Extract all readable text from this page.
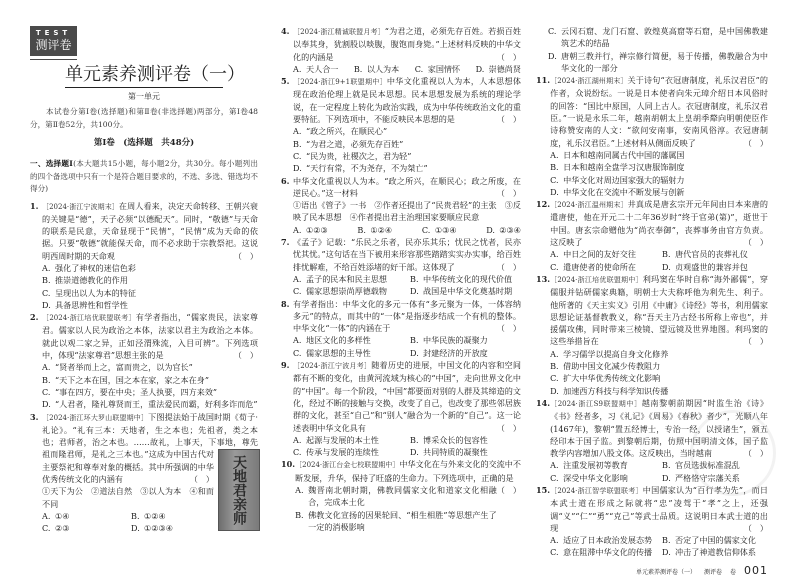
TEST
测评卷
单元素养测评卷（一）
第一单元
本试卷分第Ⅰ卷(选择题)和第Ⅱ卷(非选择题)两部分，第Ⅰ卷48分，第Ⅱ卷52分，共100分。
第Ⅰ卷　(选择题　共48分)
一、选择题Ⅰ(本大题共15小题，每小题2分，共30分。每小题列出的四个备选项中只有一个是符合题目要求的，不选、多选、错选均不得分)
1. ［2024·浙江宁波期末］在周人看来，决定天命转移、王朝兴衰的关键是“德”，天子必须“以德配天”。同时，“敬德”与天命的联系是民意，天命显现于“民情”，“民情”成为天命的依据。只要“敬德”就能保天命，而不必求助于宗教祭祀。这说明西周时期的天命观	（　）
A. 强化了神权的迷信色彩
B. 推崇道德教化的作用
C. 呈现出以人为本的特征
D. 具备思辨性和哲学性
2. ［2024·浙江培优联盟联考］有学者指出，“儒家贵民，法家尊君。儒家以人民为政治之本体，法家以君主为政治之本体。就此以观二家之异，正如泾渭殊流，入目可辨”。下列选项中，体现“法家尊君”思想主张的是	（　）
A. “贤者举而上之，富而贵之，以为官长”
B. “天下之本在国，国之本在家，家之本在身”
C. “事在四方，要在中央；圣人执要，四方来效”
D. “人君者，隆礼尊贤而王，重法爱民而霸，好利多诈而危”
3. ［2024·浙江环大罗山联盟期中］下图提法始于战国时期《荀子·礼论》。“礼有三本：天地者，生之本也；先祖者，类之本也；君师者，治之本也。……故礼，上事天，下事地，尊先祖而隆君
天地君亲师
师，是礼之三本也。”这成为中国古代对主要祭祀和尊奉对象的概括。其中所强调的中华优秀传统文化的内涵有	（　）
①天下为公　②道法自然　③以人为本　④和而不同
A. ①④	B. ①②④
C. ②③	D. ①②③④
4. ［2024·浙江精诚联盟月考］“为君之道，必须先存百姓。若损百姓以奉其身，犹割股以啖腹，腹饱而身毙。”上述材料反映的中华文化的内涵是	（　）
A. 天人合一 B. 以人为本 C. 家国情怀 D. 崇德尚贤
5. ［2024·浙江9+1联盟期中］中华文化重视以人为本，人本思想体现在政治伦理上就是民本思想。民本思想发展为系统的理论学说，在一定程度上转化为政治实践，成为中华传统政治文化的重要特征。下列选项中，不能反映民本思想的是	（　）
A. “政之所兴，在顺民心”
B. “为君之道，必须先存百姓”
C. “民为贵，社稷次之，君为轻”
D. “天行有常，不为尧存，不为桀亡”
6. 中华文化重视以人为本。“政之所兴，在顺民心；政之所废，在逆民心。”这一材料	（　）
①语出《管子》一书　②作者还提出了“民贵君轻”的主张　③反映了民本思想　④作者提出君主治理国家要顺应民意
A. ①②③	B. ①②④	C. ①③④	D. ②③④
7. 《孟子》记载：“乐民之乐者，民亦乐其乐；忧民之忧者，民亦忧其忧。”这句话在当下被用来形容那些踏踏实实办实事，给百姓排忧解难，不给百姓添堵的好干部。这体现了	（　）
A. 孟子的民本和民主思想	B. 中华传统文化的现代价值
C. 儒家思想崇尚厚德载物	D. 战国是中华文化奠基时期
8. 有学者指出：中华文化的多元一体有“多元聚为一体，一体容纳多元”的特点，而其中的“一体”是指逐步结成一个有机的整体。中华文化“一体”的内涵在于	（　）
A. 地区文化的多样性	B. 中华民族的凝聚力
C. 儒家思想的主导性	D. 封建经济的开放度
9. ［2024·浙江宁波月考］随着历史的进展，中国文化的内容和空间都有不断的变化，由黄河流域为核心的“中国”，走向世界文化中的“中国”。每一个阶段，“中国”都要面对别的人群及其缔造的文化，经过不断的接触与交换，改变了自己，也改变了那些邻居族群的文化，甚至“自己”和“别人”融合为一个新的“自己”。这一论述表明中华文化具有	（　）
A. 起源与发展的本土性	B. 博采众长的包容性
C. 传承与发展的连续性	D. 共同特质的凝聚性
10. ［2024·浙江台金七校联盟期中］中华文化在与外来文化的交流中不断发展，升华，保持了旺盛的生命力。下列选项中，正确的是
（　）
A. 魏晋南北朝时期，佛教同儒家文化和道家文化相融合，完成本土化
B. 佛教文化宣扬的因果轮回、“相生相胜”等思想产生了一定的消极影响
C. 云冈石窟、龙门石窟、敦煌莫高窟等石窟，是中国佛教建筑艺术的结晶
D. 唐朝三教并行，禅宗修行简便，易于传播，佛教融合为中华文化的一部分
11. ［2024·浙江湖州期末］关于诗句“衣冠唐制度，礼乐汉君臣”的作者，众说纷纭。一说是日本使者向朱元璋介绍日本风俗时的回答：“国比中原国，人同上古人。衣冠唐制度，礼乐汉君臣。”一说是永乐二年，越南胡朝太上皇胡季犛向明朝使臣作诗称赞安南的人文：“欲问安南事，安南风俗淳。衣冠唐制度，礼乐汉君臣。”上述材料从侧面反映了	（　）
A. 日本和越南同属古代中国的藩属国
B. 日本和越南全盘学习汉唐服饰制度
C. 中华文化对周边国家强大的辐射力
D. 中华文化在交流中不断发展与创新
12. ［2024·浙江温州期末］井真成是唐玄宗开元年间由日本来唐的遣唐使，他在开元二十二年36岁时“终于官弟(第)”，逝世于中国。唐玄宗命赠他为“尚衣奉御”，丧葬事务由官方负责。这反映了	（　）
A. 中日之间的友好交往	B. 唐代官员的丧葬礼仪
C. 遣唐使者的使命所在	D. 贞观盛世的兼容并包
13. ［2024·浙江培优联盟期中］利玛窦在华时自称“海外鄙儒”，穿儒服并钻研儒家典籍，明朝士大夫称呼他为利先生、利子。他所著的《天主实义》引用《中庸》《诗经》等书，利用儒家思想论证基督教教义，称“吾天主乃古经书所称上帝也”，并援儒攻佛，同时带来三棱镜、望远镜及世界地图。利玛窦的这些举措旨在	（　）
A. 学习儒学以提高自身文化修养
B. 借助中国文化减少传教阻力
C. 扩大中华优秀传统文化影响
D. 加速西方科技与科学知识传播
14. ［2024·浙江S9联盟期中］越南黎朝前期因“时监生治《诗》《书》经者多，习《礼记》《周易》《春秋》者少”，光顺八年(1467年)，黎朝“置五经博士，专治一经，以授诸生”，颁五经印本于国子监。到黎朝后期，仿照中国明清文体，国子监教学内容增加八股文体。这反映出，当时越南	（　）
A. 注重发展初等教育	B. 官员选拔标准混乱
C. 深受中华文化影响	D. 严格恪守宗藩关系
15. ［2024·浙江智学联盟联考］中国儒家认为“百行孝为先”，而日本武士道在形成之际就将“忠”凌驾于“孝”之上，还强调“义”“仁”“勇”“克己”等武士品质。这说明日本武士道的出现	（　）
A. 适应了日本政治发展态势 B. 否定了中国的儒家文化
C. 意在阻滞中华文化的传播 D. 冲击了神道教信仰体系
单元素养测评卷（一） 测评卷 卷 001
